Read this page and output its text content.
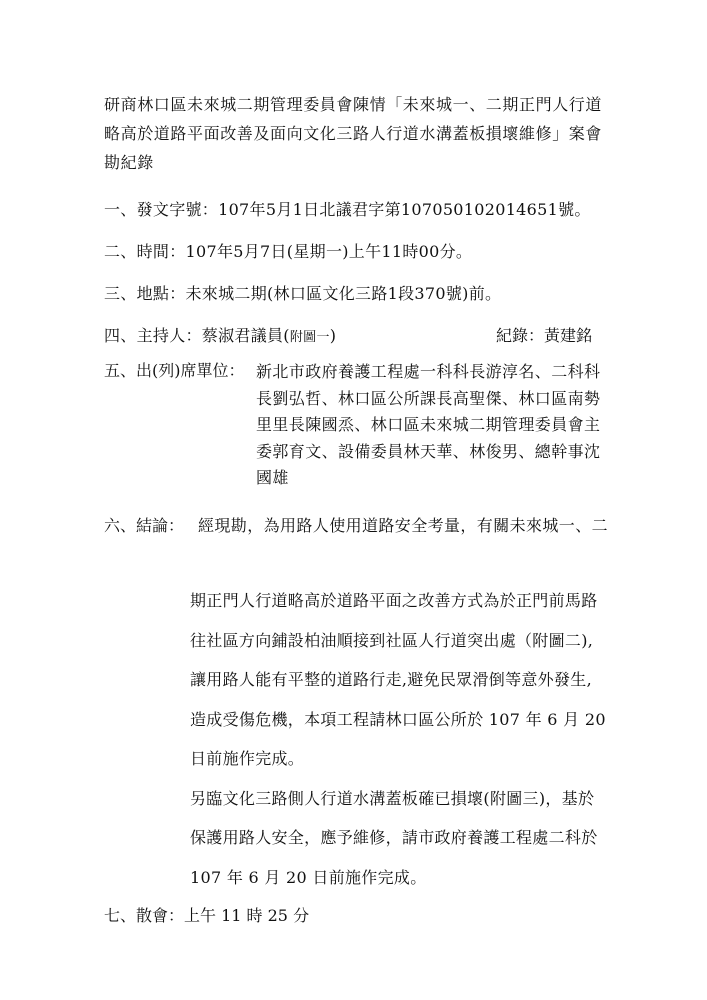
研商林口區未來城二期管理委員會陳情「未來城一、二期正門人行道
略高於道路平面改善及面向文化三路人行道水溝蓋板損壞維修」案會
勘紀錄
一、發文字號：107年5月1日北議君字第107050102014651號。
二、時間：107年5月7日(星期一)上午11時00分。
三、地點：未來城二期(林口區文化三路1段370號)前。
四、主持人：蔡淑君議員(附圖一)	紀錄：黃建銘
五、出(列)席單位： 新北市政府養護工程處一科科長游淳名、二科科
長劉弘哲、林口區公所課長高聖傑、林口區南勢
里里長陳國烝、林口區未來城二期管理委員會主
委郭育文、設備委員林天華、林俊男、總幹事沈
國雄
六、結論： 經現勘，為用路人使用道路安全考量，有關未來城一、二
期正門人行道略高於道路平面之改善方式為於正門前馬路
往社區方向鋪設柏油順接到社區人行道突出處（附圖二),
讓用路人能有平整的道路行走,避免民眾滑倒等意外發生,
造成受傷危機，本項工程請林口區公所於 107 年 6 月 20
日前施作完成。
另臨文化三路側人行道水溝蓋板確已損壞(附圖三)，基於
保護用路人安全，應予維修，請市政府養護工程處二科於
107 年 6 月 20 日前施作完成。
七、散會：上午 11 時 25 分
